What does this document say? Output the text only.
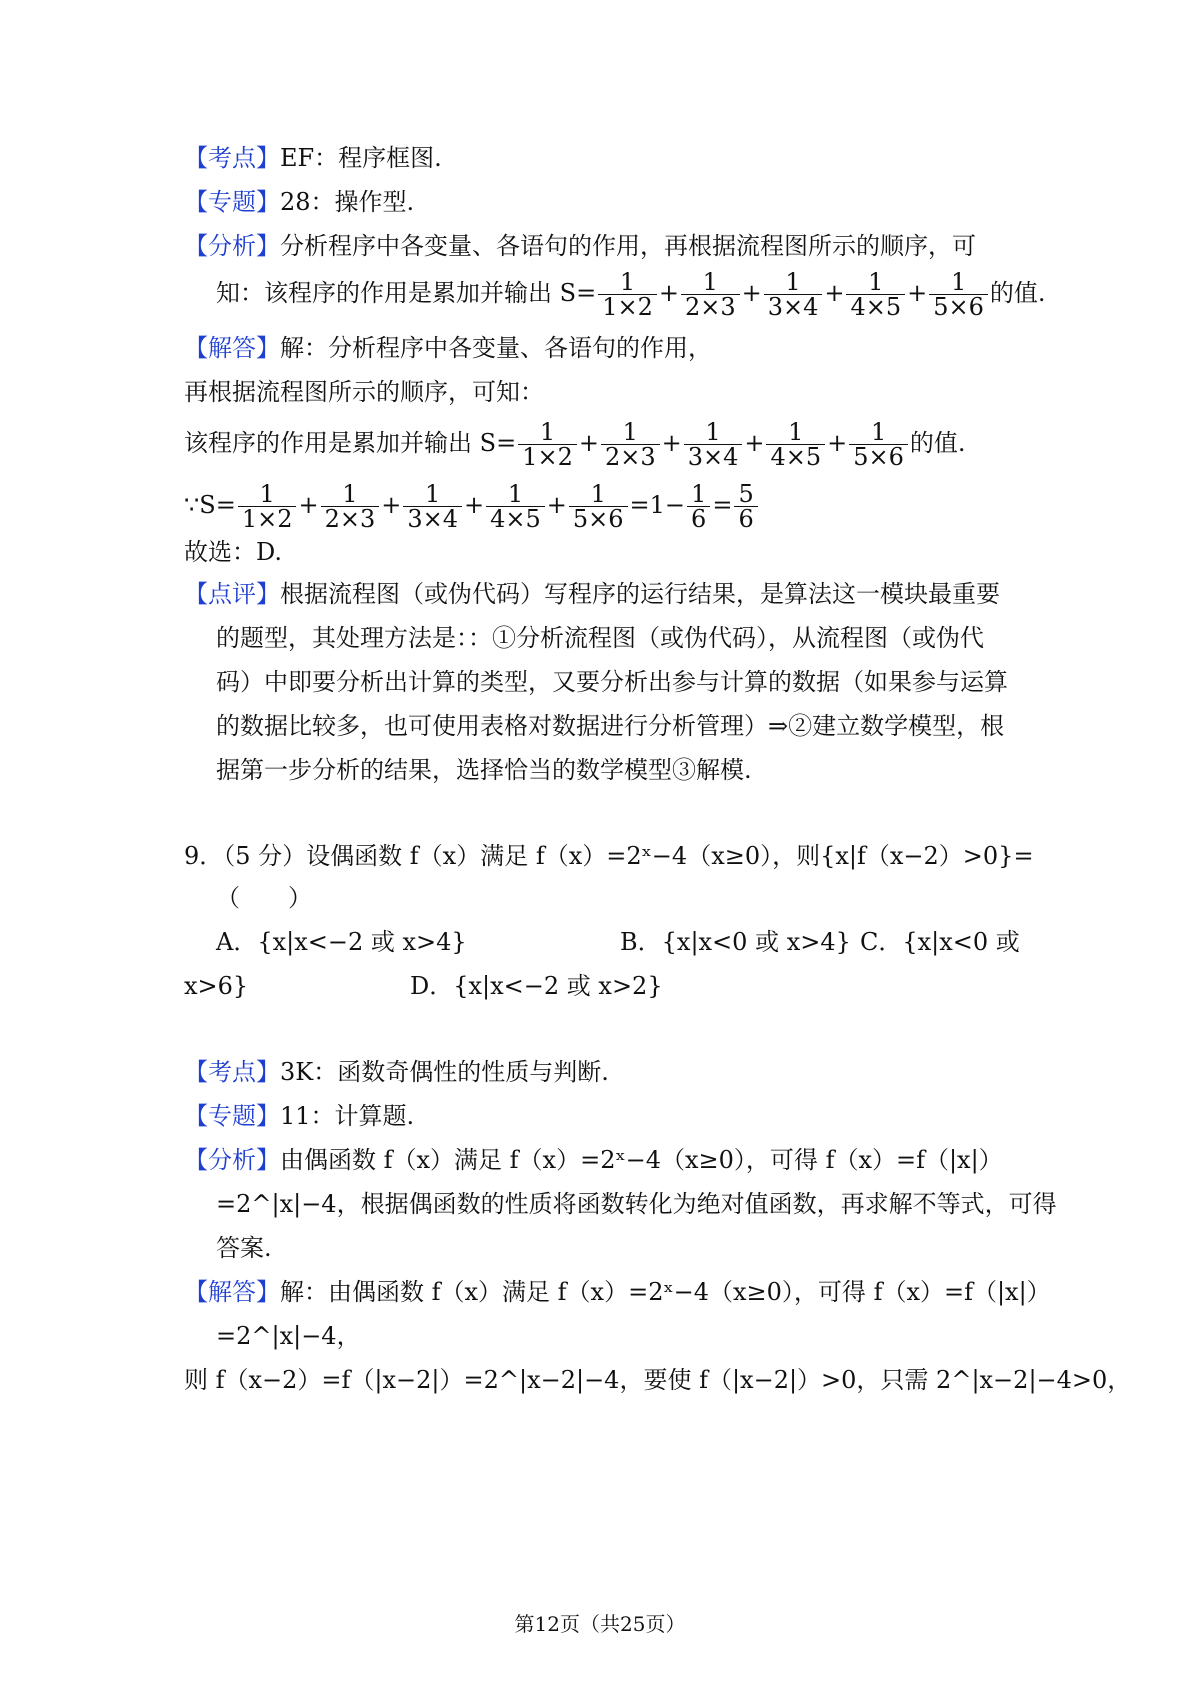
【考点】EF：程序框图.
【专题】28：操作型.
【分析】分析程序中各变量、各语句的作用，再根据流程图所示的顺序，可
知：该程序的作用是累加并输出 $S= \frac{1}{1\times 2} + \frac{1}{2\times 3} + \frac{1}{3\times 4} + \frac{1}{4\times 5} + \frac{1}{5\times 6}$ 的值.
【解答】解：分析程序中各变量、各语句的作用，
再根据流程图所示的顺序，可知：
该程序的作用是累加并输出 $S= \frac{1}{1\times 2} + \frac{1}{2\times 3} + \frac{1}{3\times 4} + \frac{1}{4\times 5} + \frac{1}{5\times 6}$ 的值.
∵S= $\frac{1}{1\times 2} + \frac{1}{2\times 3} + \frac{1}{3\times 4} + \frac{1}{4\times 5} + \frac{1}{5\times 6} =1- \frac{1}{6} = \frac{5}{6}$
故选：D.
【点评】根据流程图（或伪代码）写程序的运行结果，是算法这一模块最重要
的题型，其处理方法是：：①分析流程图（或伪代码），从流程图（或伪代
码）中即要分析出计算的类型，又要分析出参与计算的数据（如果参与运算
的数据比较多，也可使用表格对数据进行分析管理）⇒②建立数学模型，根
据第一步分析的结果，选择恰当的数学模型③解模.
9．（5 分）设偶函数 f（x）满足 f（x）=2ˣ−4（x≥0），则{x|f（x−2）>0}=
（　　）
A．{x|x<−2 或 x>4}	B．{x|x<0 或 x>4} C．{x|x<0 或
x>6}	D．{x|x<−2 或 x>2}
【考点】3K：函数奇偶性的性质与判断.
【专题】11：计算题.
【分析】由偶函数 f（x）满足 f（x）=2ˣ−4（x≥0），可得 f（x）=f（|x|）
=2^|x|−4，根据偶函数的性质将函数转化为绝对值函数，再求解不等式，可得
答案.
【解答】解：由偶函数 f（x）满足 f（x）=2ˣ−4（x≥0），可得 f（x）=f（|x|）
=2^|x|−4，
则 f（x−2）=f（|x−2|）=2^|x−2|−4，要使 f（|x−2|）>0，只需 2^|x−2|−4>0，
第12页（共25页）
